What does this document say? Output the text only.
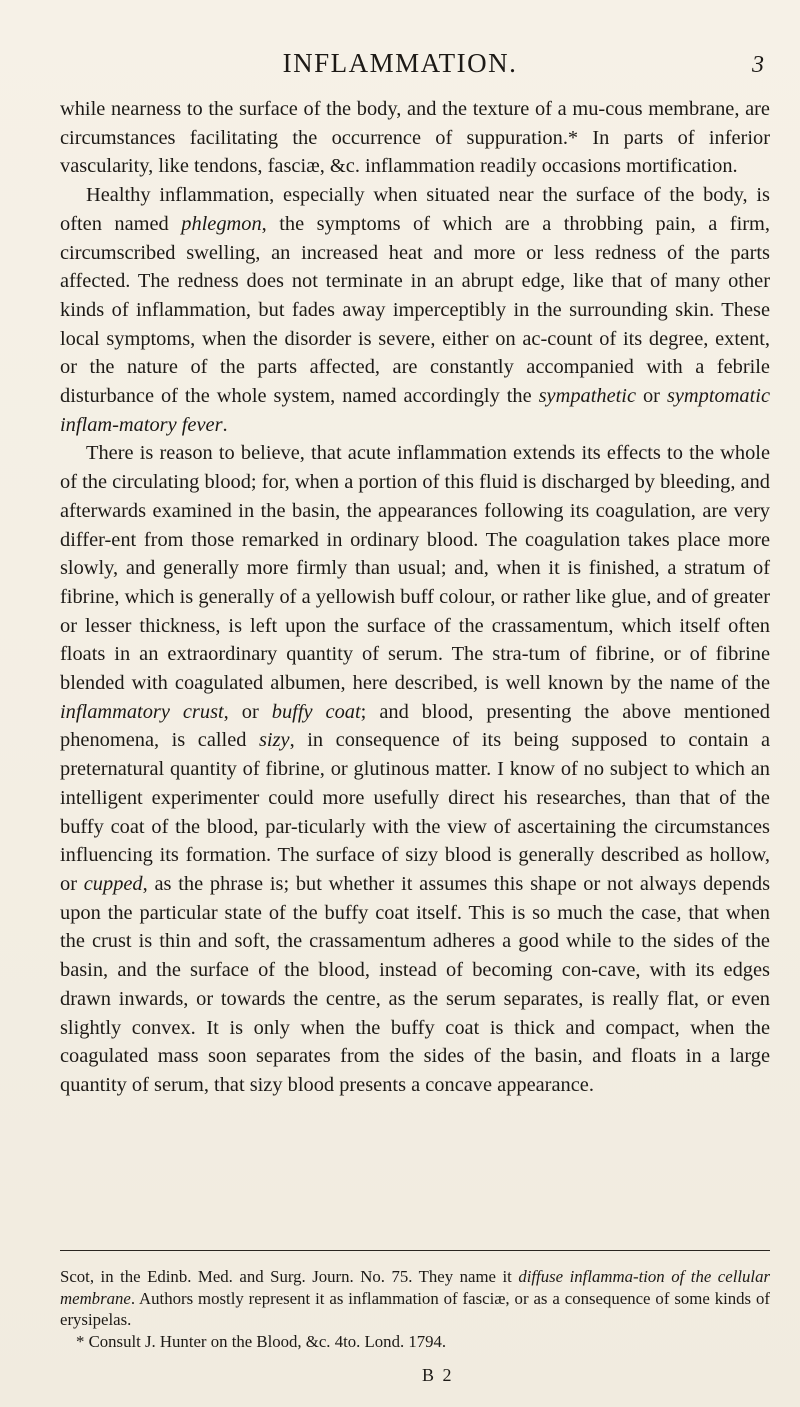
INFLAMMATION.	3

while nearness to the surface of the body, and the texture of a mu-cous membrane, are circumstances facilitating the occurrence of suppuration.* In parts of inferior vascularity, like tendons, fasciæ, &c. inflammation readily occasions mortification.

Healthy inflammation, especially when situated near the surface of the body, is often named phlegmon, the symptoms of which are a throbbing pain, a firm, circumscribed swelling, an increased heat and more or less redness of the parts affected. The redness does not terminate in an abrupt edge, like that of many other kinds of inflammation, but fades away imperceptibly in the surrounding skin. These local symptoms, when the disorder is severe, either on ac-count of its degree, extent, or the nature of the parts affected, are constantly accompanied with a febrile disturbance of the whole system, named accordingly the sympathetic or symptomatic inflam-matory fever.

There is reason to believe, that acute inflammation extends its effects to the whole of the circulating blood; for, when a portion of this fluid is discharged by bleeding, and afterwards examined in the basin, the appearances following its coagulation, are very differ-ent from those remarked in ordinary blood. The coagulation takes place more slowly, and generally more firmly than usual; and, when it is finished, a stratum of fibrine, which is generally of a yellowish buff colour, or rather like glue, and of greater or lesser thickness, is left upon the surface of the crassamentum, which itself often floats in an extraordinary quantity of serum. The stra-tum of fibrine, or of fibrine blended with coagulated albumen, here described, is well known by the name of the inflammatory crust, or buffy coat; and blood, presenting the above mentioned phenomena, is called sizy, in consequence of its being supposed to contain a preternatural quantity of fibrine, or glutinous matter. I know of no subject to which an intelligent experimenter could more usefully direct his researches, than that of the buffy coat of the blood, par-ticularly with the view of ascertaining the circumstances influencing its formation. The surface of sizy blood is generally described as hollow, or cupped, as the phrase is; but whether it assumes this shape or not always depends upon the particular state of the buffy coat itself. This is so much the case, that when the crust is thin and soft, the crassamentum adheres a good while to the sides of the basin, and the surface of the blood, instead of becoming con-cave, with its edges drawn inwards, or towards the centre, as the serum separates, is really flat, or even slightly convex. It is only when the buffy coat is thick and compact, when the coagulated mass soon separates from the sides of the basin, and floats in a large quantity of serum, that sizy blood presents a concave appearance.

Scot, in the Edinb. Med. and Surg. Journ. No. 75. They name it diffuse inflamma-tion of the cellular membrane. Authors mostly represent it as inflammation of fasciæ, or as a consequence of some kinds of erysipelas.

* Consult J. Hunter on the Blood, &c. 4to. Lond. 1794.

B 2
